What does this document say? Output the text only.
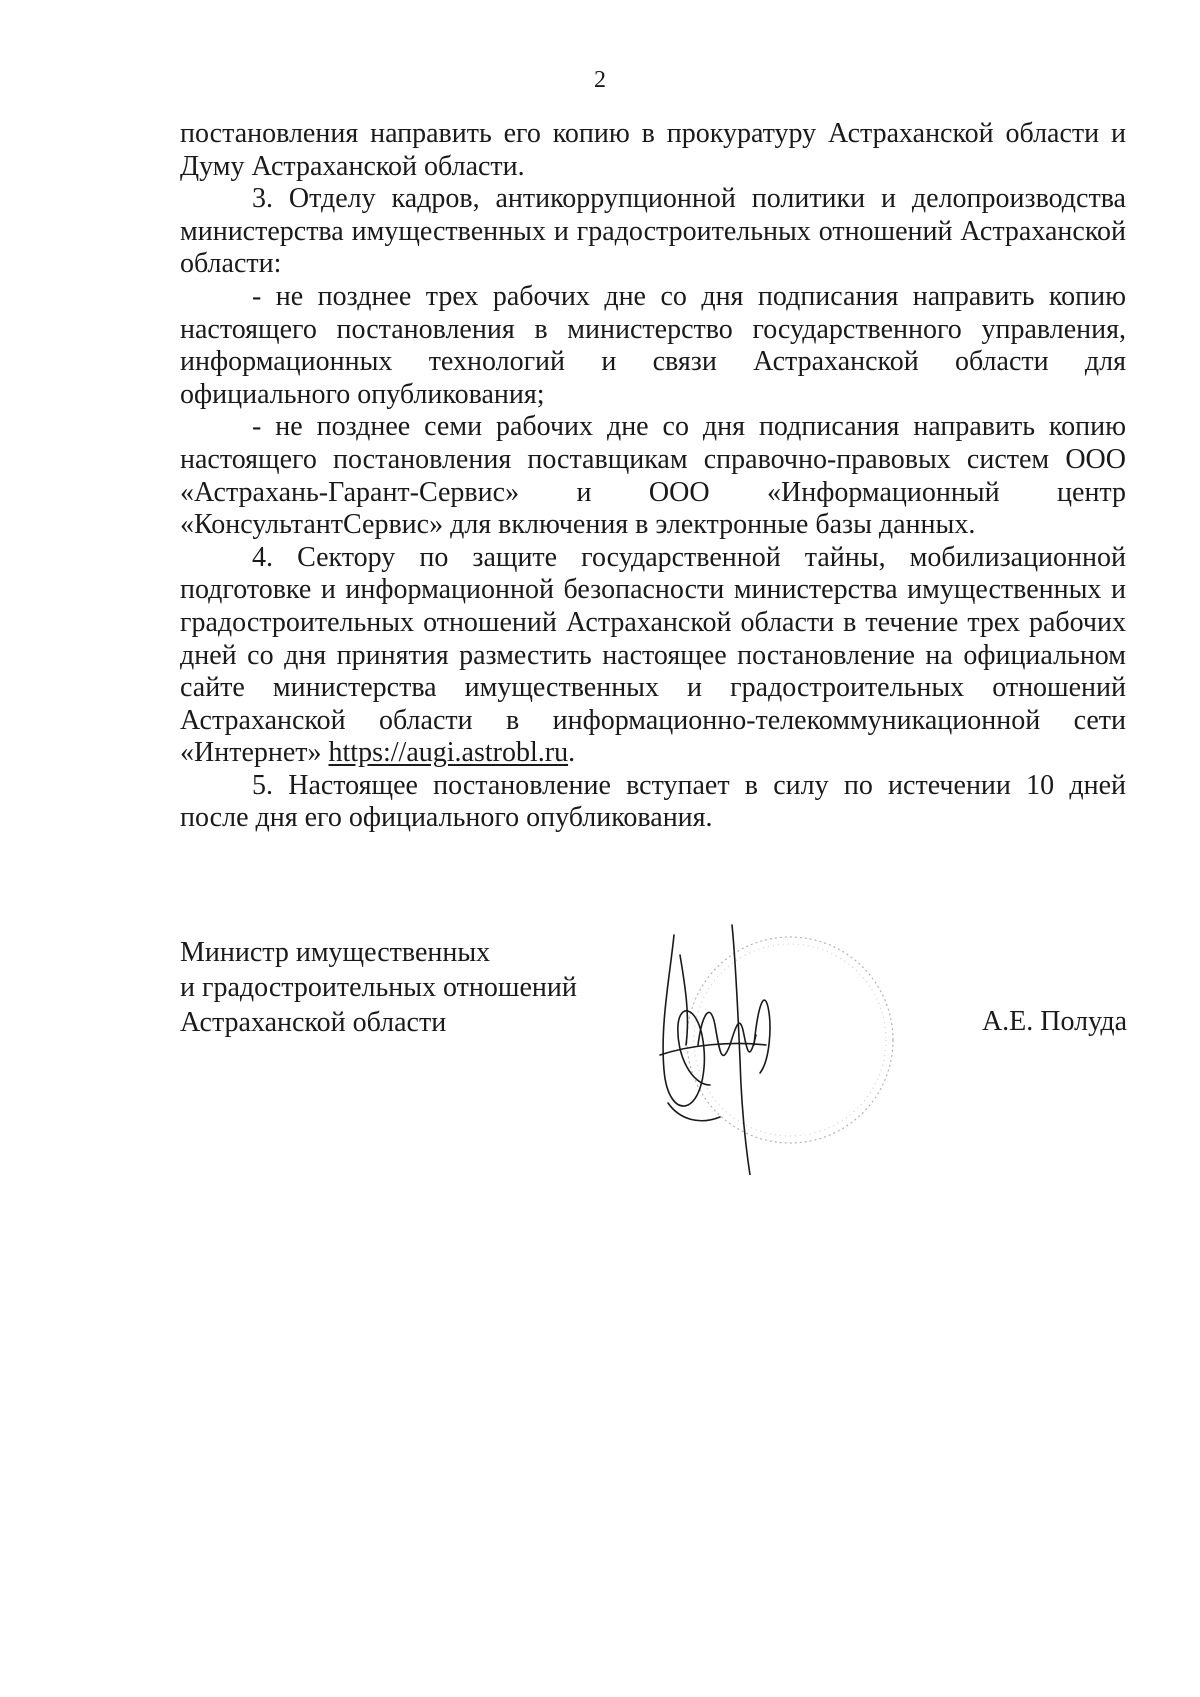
2

постановления направить его копию в прокуратуру Астраханской области и Думу Астраханской области.

3. Отделу кадров, антикоррупционной политики и делопроизводства министерства имущественных и градостроительных отношений Астраханской области:

- не позднее трех рабочих дне со дня подписания направить копию настоящего постановления в министерство государственного управления, информационных технологий и связи Астраханской области для официального опубликования;

- не позднее семи рабочих дне со дня подписания направить копию настоящего постановления поставщикам справочно-правовых систем ООО «Астрахань-Гарант-Сервис» и ООО «Информационный центр «КонсультантСервис» для включения в электронные базы данных.

4. Сектору по защите государственной тайны, мобилизационной подготовке и информационной безопасности министерства имущественных и градостроительных отношений Астраханской области в течение трех рабочих дней со дня принятия разместить настоящее постановление на официальном сайте министерства имущественных и градостроительных отношений Астраханской области в информационно-телекоммуникационной сети «Интернет» https://augi.astrobl.ru.

5. Настоящее постановление вступает в силу по истечении 10 дней после дня его официального опубликования.

Министр имущественных
и градостроительных отношений
Астраханской области	А.Е. Полуда
